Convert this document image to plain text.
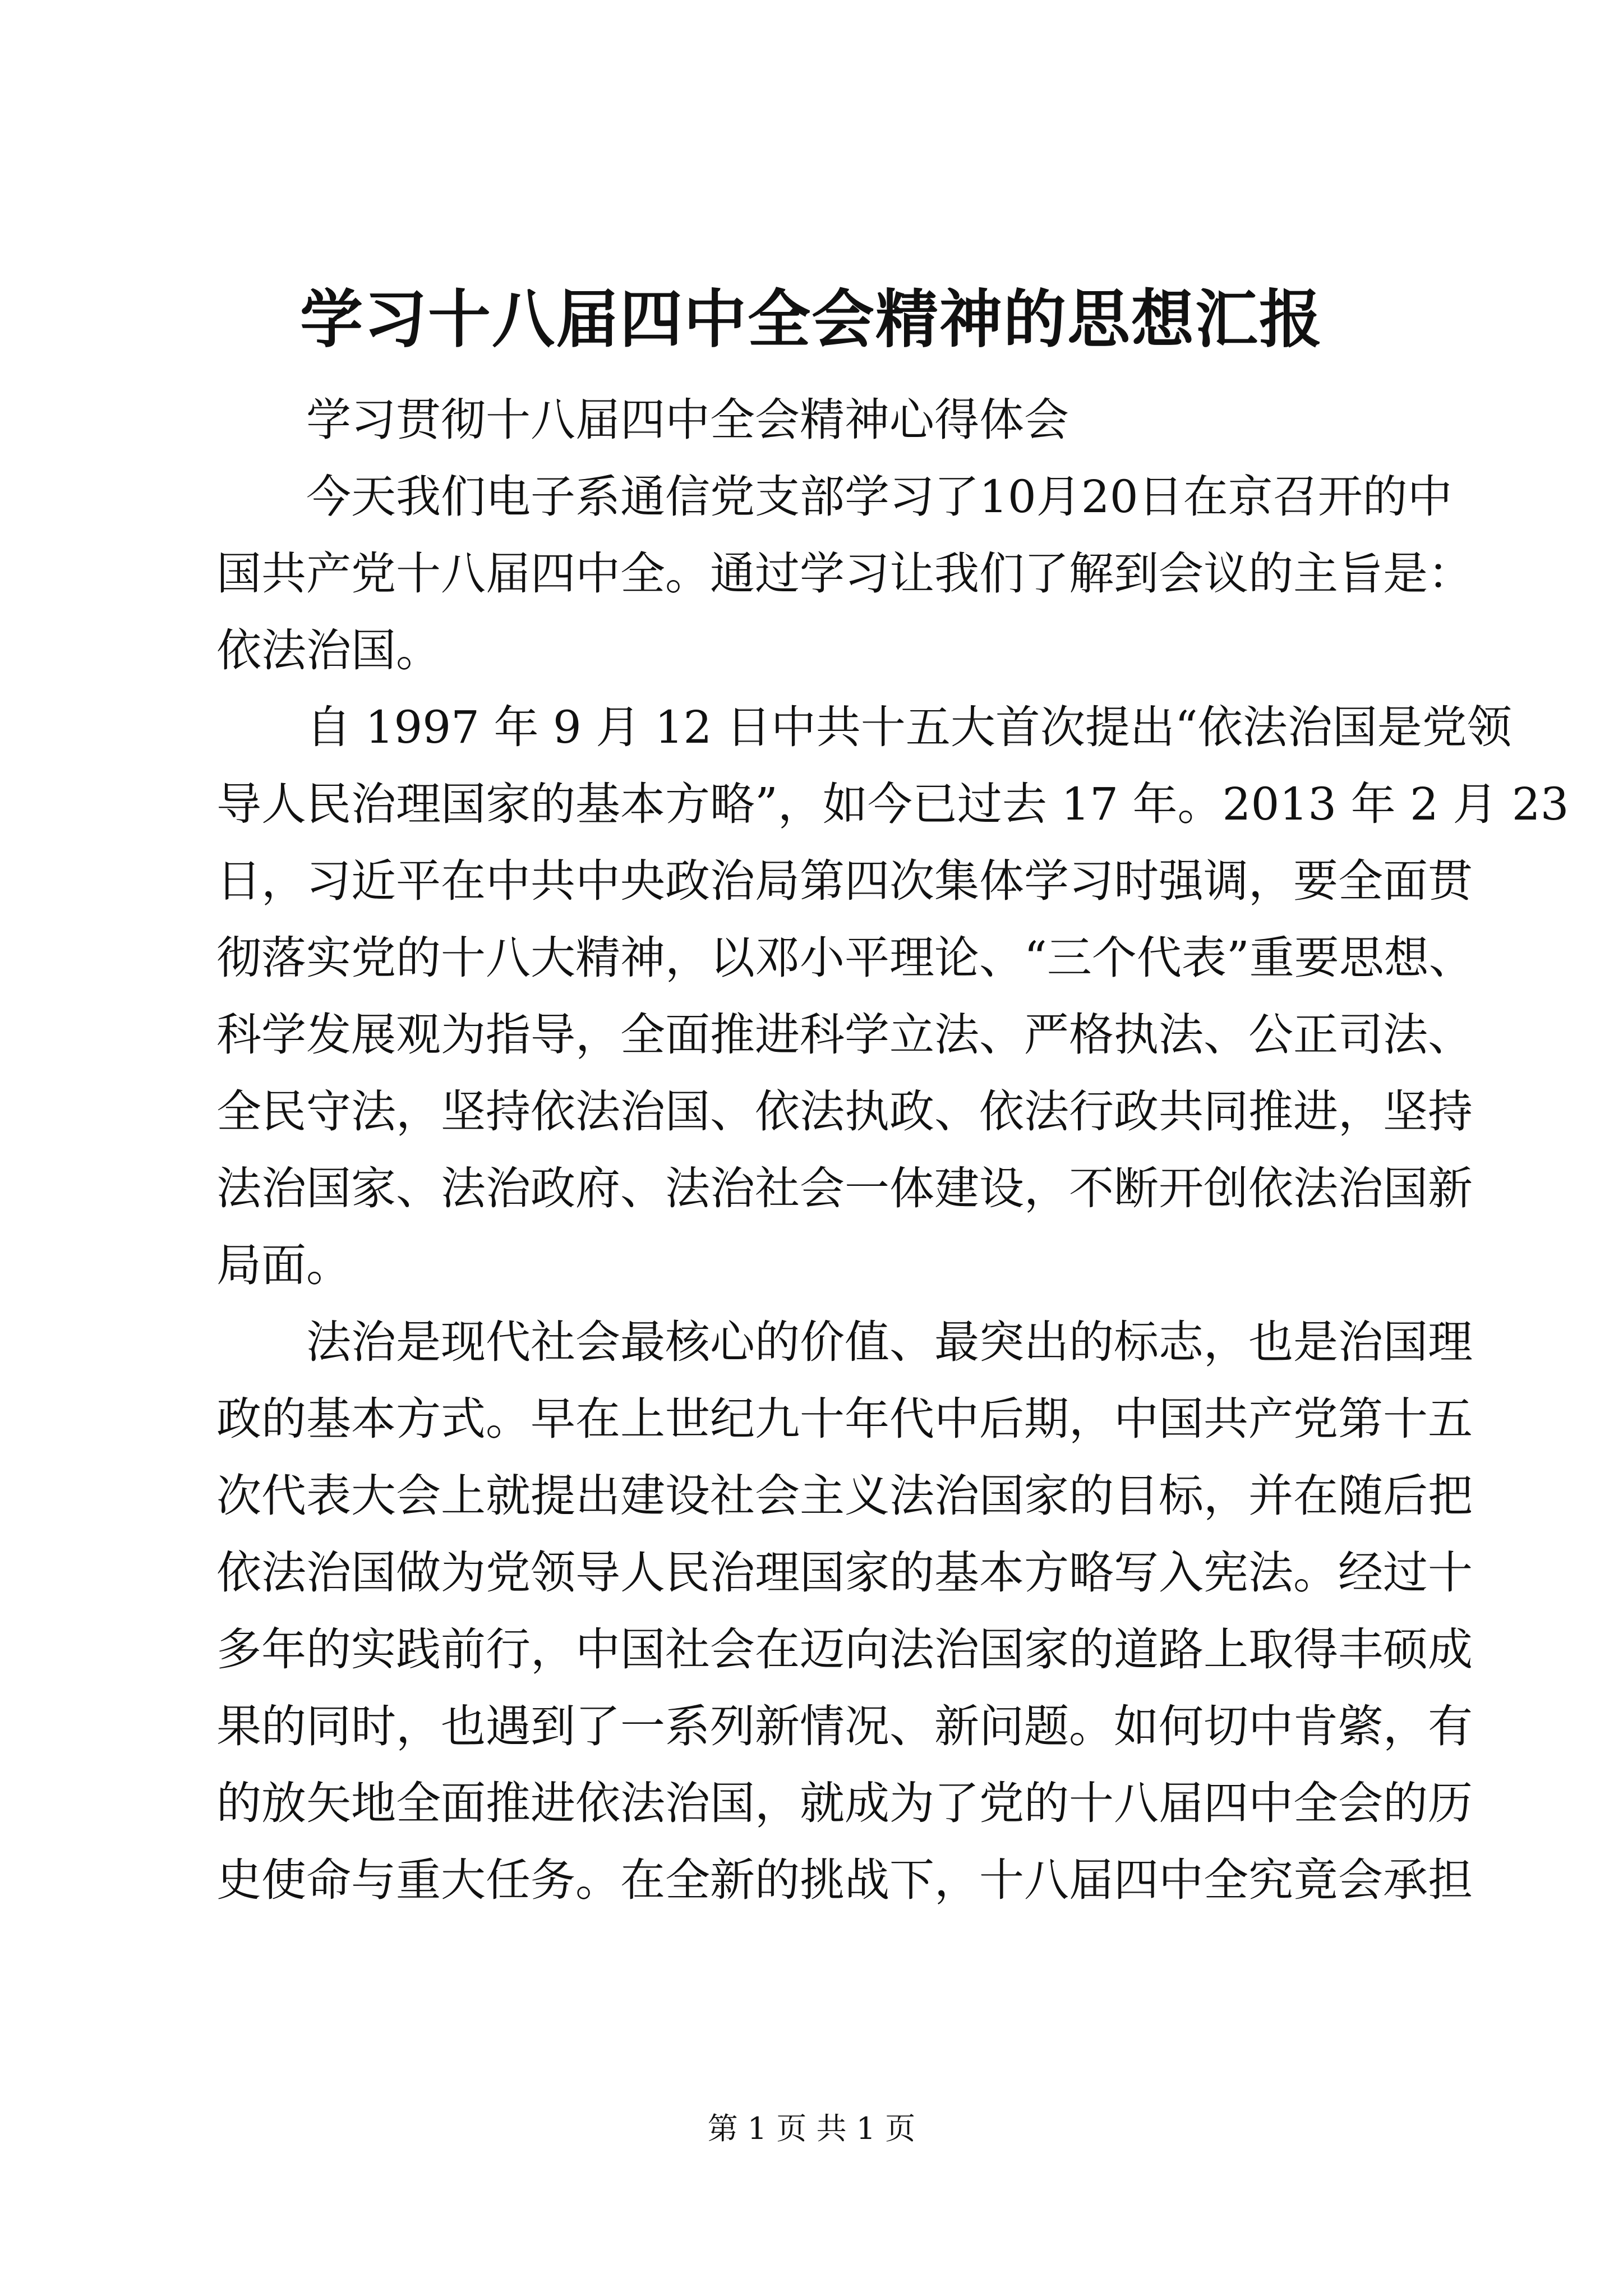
学习十八届四中全会精神的思想汇报
学习贯彻十八届四中全会精神心得体会
今天我们电子系通信党支部学习了10月20日在京召开的中
国共产党十八届四中全。通过学习让我们了解到会议的主旨是：
依法治国。
自 1997 年 9 月 12 日中共十五大首次提出“依法治国是党领
导人民治理国家的基本方略”，如今已过去 17 年。2013 年 2 月 23
日，习近平在中共中央政治局第四次集体学习时强调，要全面贯
彻落实党的十八大精神，以邓小平理论、“三个代表”重要思想、
科学发展观为指导，全面推进科学立法、严格执法、公正司法、
全民守法，坚持依法治国、依法执政、依法行政共同推进，坚持
法治国家、法治政府、法治社会一体建设，不断开创依法治国新
局面。
法治是现代社会最核心的价值、最突出的标志，也是治国理
政的基本方式。早在上世纪九十年代中后期，中国共产党第十五
次代表大会上就提出建设社会主义法治国家的目标，并在随后把
依法治国做为党领导人民治理国家的基本方略写入宪法。经过十
多年的实践前行，中国社会在迈向法治国家的道路上取得丰硕成
果的同时，也遇到了一系列新情况、新问题。如何切中肯綮，有
的放矢地全面推进依法治国，就成为了党的十八届四中全会的历
史使命与重大任务。在全新的挑战下，十八届四中全究竟会承担
第 1 页 共 1 页
